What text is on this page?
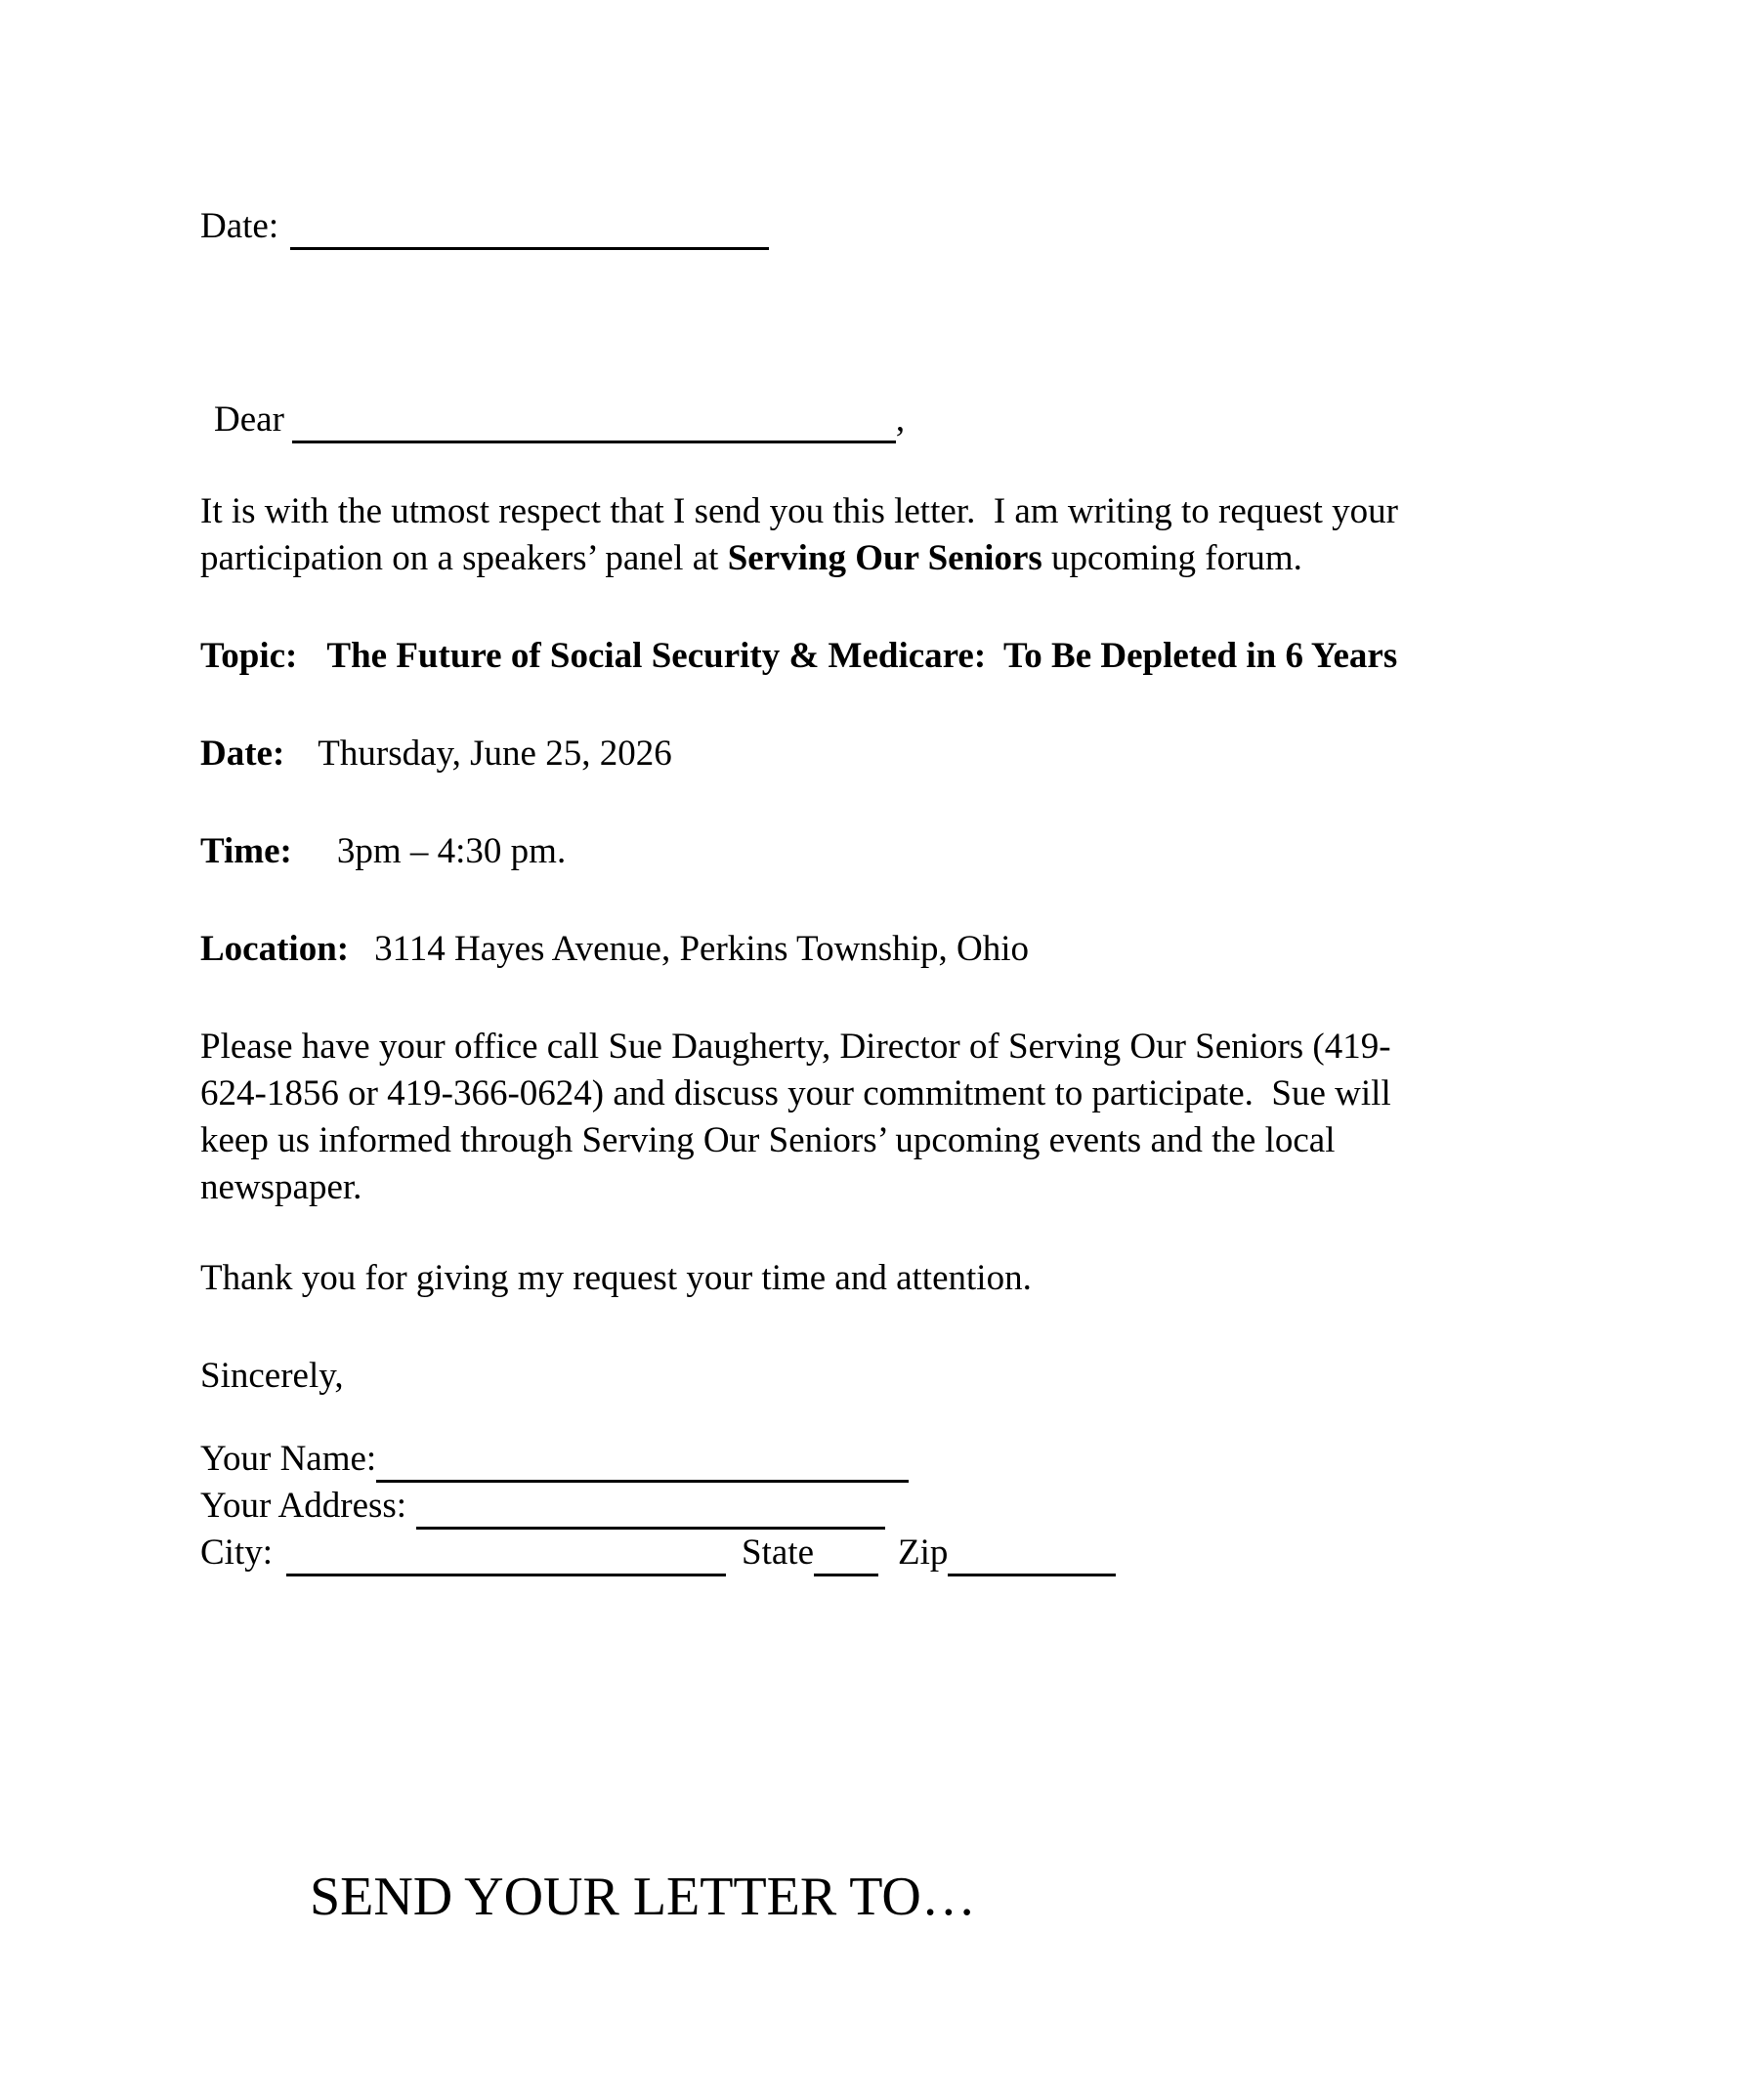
Date:
Dear	,
It is with the utmost respect that I send you this letter.  I am writing to request your
participation on a speakers’ panel at Serving Our Seniors upcoming forum.
Topic: The Future of Social Security & Medicare:  To Be Depleted in 6 Years
Date: Thursday, June 25, 2026
Time: 3pm – 4:30 pm.
Location: 3114 Hayes Avenue, Perkins Township, Ohio
Please have your office call Sue Daugherty, Director of Serving Our Seniors (419-
624-1856 or 419-366-0624) and discuss your commitment to participate.  Sue will
keep us informed through Serving Our Seniors’ upcoming events and the local
newspaper.
Thank you for giving my request your time and attention.
Sincerely,
Your Name:
Your Address:
City:	State Zip
SEND YOUR LETTER TO…
